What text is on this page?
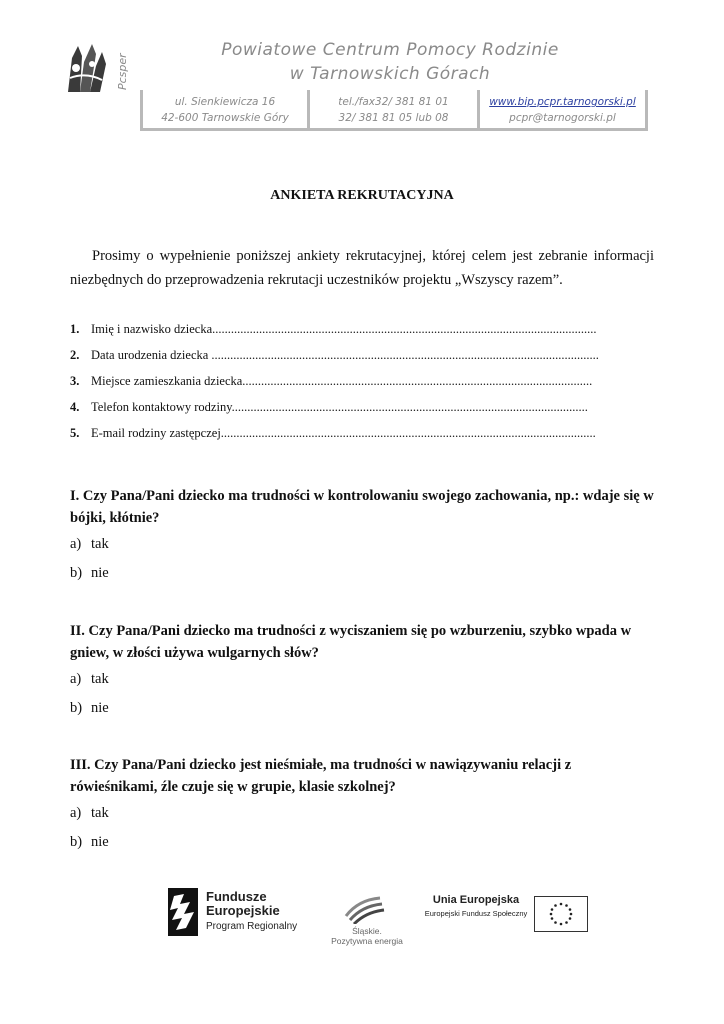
Pcsper
Powiatowe Centrum Pomocy Rodzinie
w Tarnowskich Górach
ul. Sienkiewicza 16
42-600 Tarnowskie Góry
tel./fax32/ 381 81 01
32/ 381 81 05 lub 08
www.bip.pcpr.tarnogorski.pl
pcpr@tarnogorski.pl
ANKIETA REKRUTACYJNA
Prosimy o wypełnienie poniższej ankiety rekrutacyjnej, której celem jest zebranie informacji niezbędnych do przeprowadzenia rekrutacji uczestników projektu „Wszyscy razem”.
1. Imię i nazwisko dziecka...........................................................................................................................
2. Data urodzenia dziecka ............................................................................................................................
3. Miejsce zamieszkania dziecka................................................................................................................
4. Telefon kontaktowy rodziny..................................................................................................................
5. E-mail rodziny zastępczej........................................................................................................................
I. Czy Pana/Pani dziecko ma trudności w kontrolowaniu swojego zachowania, np.: wdaje się w bójki, kłótnie?
a) tak
b) nie
II. Czy Pana/Pani dziecko ma trudności z wyciszaniem się po wzburzeniu, szybko wpada w gniew, w złości używa wulgarnych słów?
a) tak
b) nie
III. Czy Pana/Pani dziecko jest nieśmiałe, ma trudności w nawiązywaniu relacji z rówieśnikami, źle czuje się w grupie, klasie szkolnej?
a) tak
b) nie
Fundusze
Europejskie
Program Regionalny	Śląskie.
Pozytywna energia
Unia Europejska
Europejski Fundusz Społeczny
